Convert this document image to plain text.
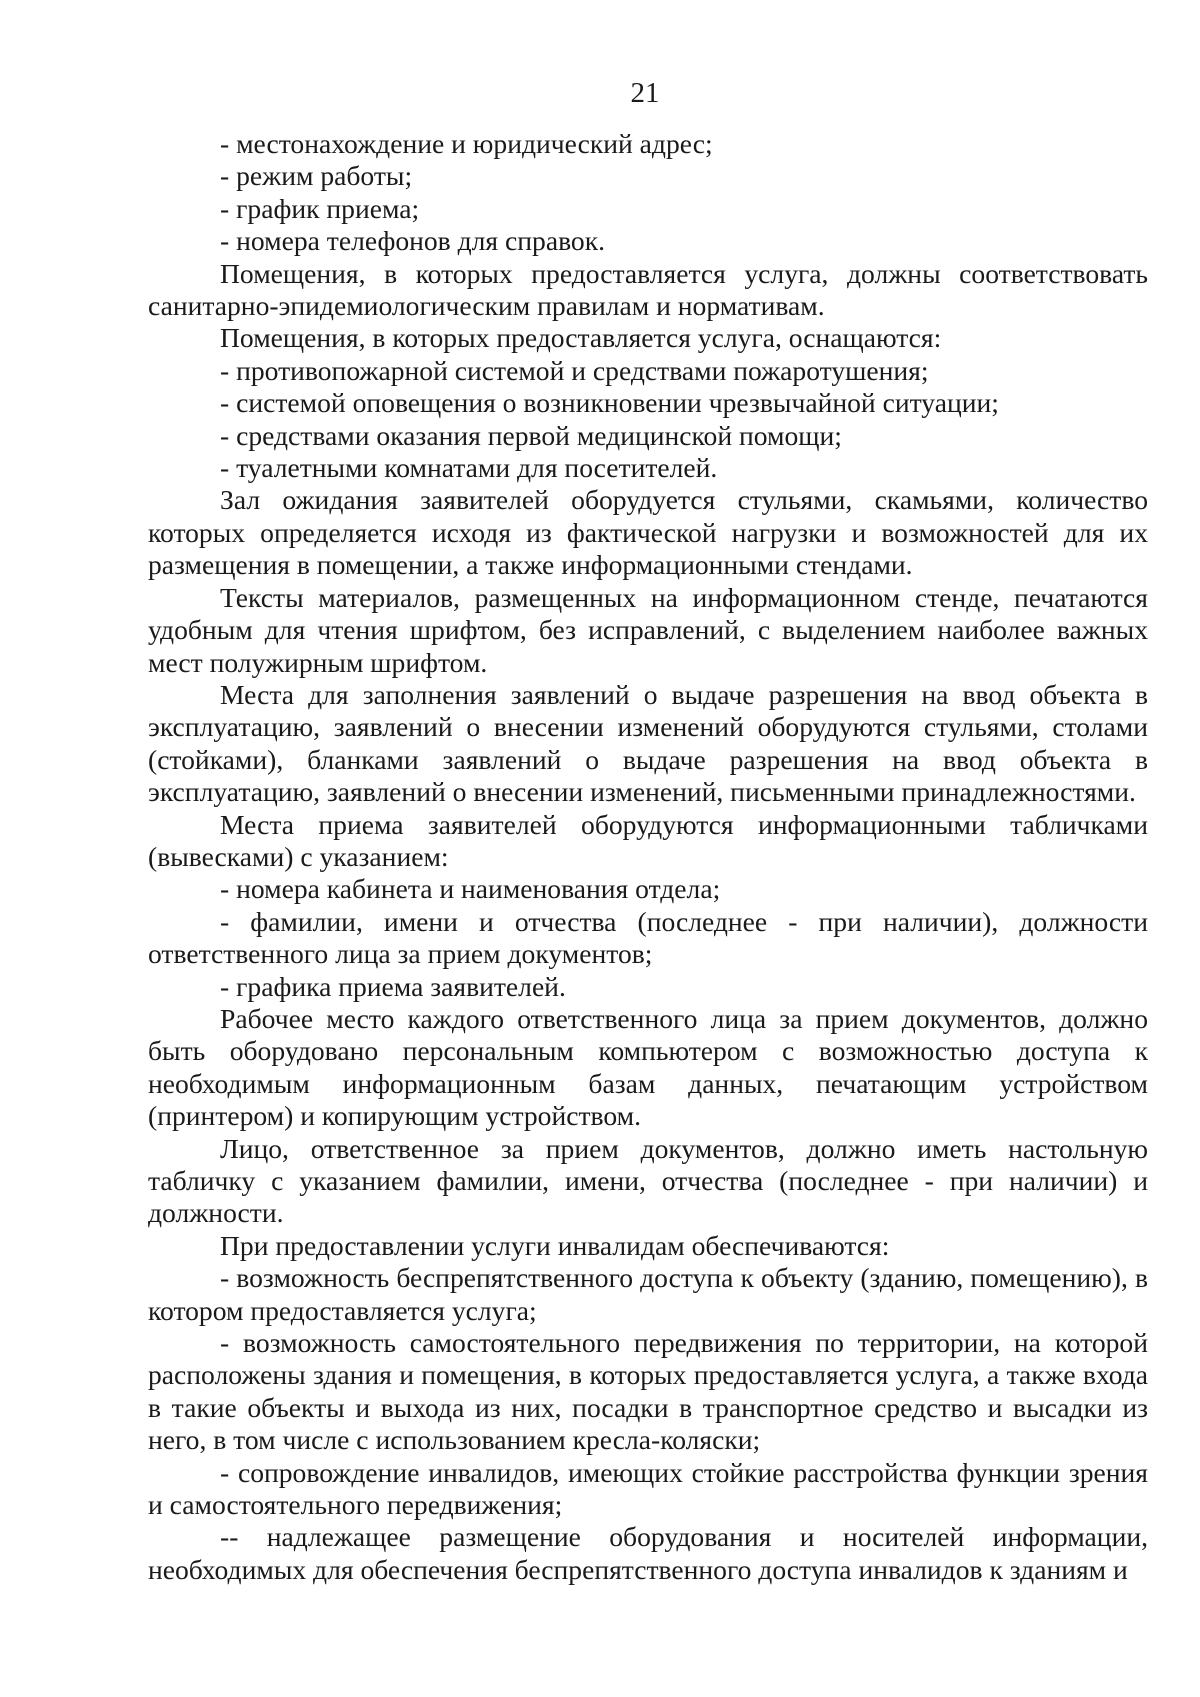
21

- местонахождение и юридический адрес;

- режим работы;

- график приема;

- номера телефонов для справок.

Помещения, в которых предоставляется услуга, должны соответствовать санитарно-эпидемиологическим правилам и нормативам.

Помещения, в которых предоставляется услуга, оснащаются:

- противопожарной системой и средствами пожаротушения;

- системой оповещения о возникновении чрезвычайной ситуации;

- средствами оказания первой медицинской помощи;

- туалетными комнатами для посетителей.

Зал ожидания заявителей оборудуется стульями, скамьями, количество которых определяется исходя из фактической нагрузки и возможностей для их размещения в помещении, а также информационными стендами.

Тексты материалов, размещенных на информационном стенде, печатаются удобным для чтения шрифтом, без исправлений, с выделением наиболее важных мест полужирным шрифтом.

Места для заполнения заявлений о выдаче разрешения на ввод объекта в эксплуатацию, заявлений о внесении изменений оборудуются стульями, столами (стойками), бланками заявлений о выдаче разрешения на ввод объекта в эксплуатацию, заявлений о внесении изменений, письменными принадлежностями.

Места приема заявителей оборудуются информационными табличками (вывесками) с указанием:

- номера кабинета и наименования отдела;

- фамилии, имени и отчества (последнее - при наличии), должности ответственного лица за прием документов;

- графика приема заявителей.

Рабочее место каждого ответственного лица за прием документов, должно быть оборудовано персональным компьютером с возможностью доступа к необходимым информационным базам данных, печатающим устройством (принтером) и копирующим устройством.

Лицо, ответственное за прием документов, должно иметь настольную табличку с указанием фамилии, имени, отчества (последнее - при наличии) и должности.

При предоставлении услуги инвалидам обеспечиваются:

- возможность беспрепятственного доступа к объекту (зданию, помещению), в котором предоставляется услуга;

- возможность самостоятельного передвижения по территории, на которой расположены здания и помещения, в которых предоставляется услуга, а также входа в такие объекты и выхода из них, посадки в транспортное средство и высадки из него, в том числе с использованием кресла-коляски;

- сопровождение инвалидов, имеющих стойкие расстройства функции зрения и самостоятельного передвижения;

-- надлежащее размещение оборудования и носителей информации, необходимых для обеспечения беспрепятственного доступа инвалидов к зданиям и
